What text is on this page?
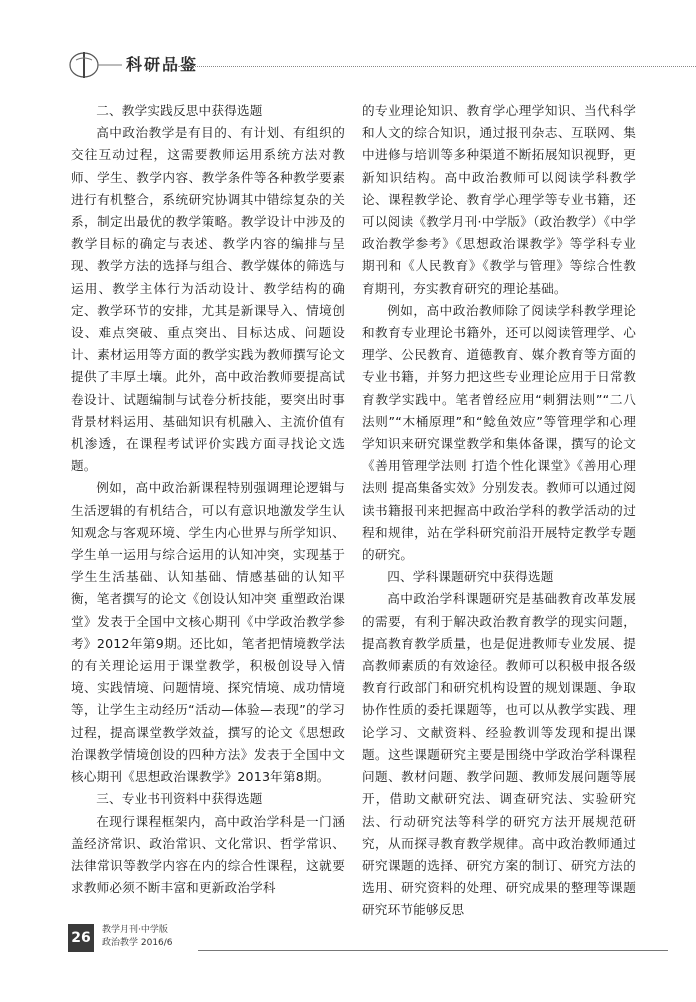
科研品鉴
二、教学实践反思中获得选题

高中政治教学是有目的、有计划、有组织的交往互动过程，这需要教师运用系统方法对教师、学生、教学内容、教学条件等各种教学要素进行有机整合，系统研究协调其中错综复杂的关系，制定出最优的教学策略。教学设计中涉及的教学目标的确定与表述、教学内容的编排与呈现、教学方法的选择与组合、教学媒体的筛选与运用、教学主体行为活动设计、教学结构的确定、教学环节的安排，尤其是新课导入、情境创设、难点突破、重点突出、目标达成、问题设计、素材运用等方面的教学实践为教师撰写论文提供了丰厚土壤。此外，高中政治教师要提高试卷设计、试题编制与试卷分析技能，要突出时事背景材料运用、基础知识有机融入、主流价值有机渗透，在课程考试评价实践方面寻找论文选题。

例如，高中政治新课程特别强调理论逻辑与生活逻辑的有机结合，可以有意识地激发学生认知观念与客观环境、学生内心世界与所学知识、学生单一运用与综合运用的认知冲突，实现基于学生生活基础、认知基础、情感基础的认知平衡，笔者撰写的论文《创设认知冲突 重塑政治课堂》发表于全国中文核心期刊《中学政治教学参考》2012年第9期。还比如，笔者把情境教学法的有关理论运用于课堂教学，积极创设导入情境、实践情境、问题情境、探究情境、成功情境等，让学生主动经历“活动—体验—表现”的学习过程，提高课堂教学效益，撰写的论文《思想政治课教学情境创设的四种方法》发表于全国中文核心期刊《思想政治课教学》2013年第8期。

三、专业书刊资料中获得选题

在现行课程框架内，高中政治学科是一门涵盖经济常识、政治常识、文化常识、哲学常识、法律常识等教学内容在内的综合性课程，这就要求教师必须不断丰富和更新政治学科

的专业理论知识、教育学心理学知识、当代科学和人文的综合知识，通过报刊杂志、互联网、集中进修与培训等多种渠道不断拓展知识视野，更新知识结构。高中政治教师可以阅读学科教学论、课程教学论、教育学心理学等专业书籍，还可以阅读《教学月刊·中学版》（政治教学）《中学政治教学参考》《思想政治课教学》等学科专业期刊和《人民教育》《教学与管理》等综合性教育期刊，夯实教育研究的理论基础。

例如，高中政治教师除了阅读学科教学理论和教育专业理论书籍外，还可以阅读管理学、心理学、公民教育、道德教育、媒介教育等方面的专业书籍，并努力把这些专业理论应用于日常教育教学实践中。笔者曾经应用“刺猬法则”“二八法则”“木桶原理”和“鲶鱼效应”等管理学和心理学知识来研究课堂教学和集体备课，撰写的论文《善用管理学法则 打造个性化课堂》《善用心理法则 提高集备实效》分别发表。教师可以通过阅读书籍报刊来把握高中政治学科的教学活动的过程和规律，站在学科研究前沿开展特定教学专题的研究。

四、学科课题研究中获得选题

高中政治学科课题研究是基础教育改革发展的需要，有利于解决政治教育教学的现实问题，提高教育教学质量，也是促进教师专业发展、提高教师素质的有效途径。教师可以积极申报各级教育行政部门和研究机构设置的规划课题、争取协作性质的委托课题等，也可以从教学实践、理论学习、文献资料、经验教训等发现和提出课题。这些课题研究主要是围绕中学政治学科课程问题、教材问题、教学问题、教师发展问题等展开，借助文献研究法、调查研究法、实验研究法、行动研究法等科学的研究方法开展规范研究，从而探寻教育教学规律。高中政治教师通过研究课题的选择、研究方案的制订、研究方法的选用、研究资料的处理、研究成果的整理等课题研究环节能够反思

26	教学月刊·中学版
政治教学 2016/6
